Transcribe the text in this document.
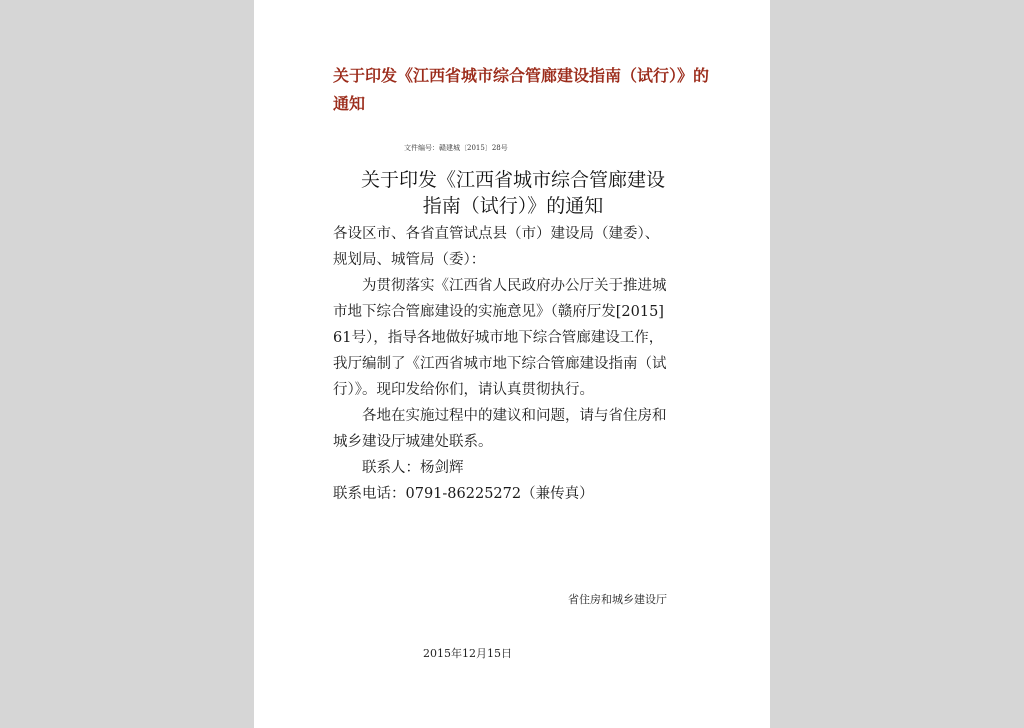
关于印发《江西省城市综合管廊建设指南（试行）》的通知
文件编号：赣建城〔2015〕28号
关于印发《江西省城市综合管廊建设
指南（试行）》的通知

各设区市、各省直管试点县（市）建设局（建委）、

规划局、城管局（委）：

为贯彻落实《江西省人民政府办公厅关于推进城

市地下综合管廊建设的实施意见》（赣府厅发[2015]

61号），指导各地做好城市地下综合管廊建设工作，

我厅编制了《江西省城市地下综合管廊建设指南（试

行）》。现印发给你们，请认真贯彻执行。

各地在实施过程中的建议和问题，请与省住房和

城乡建设厅城建处联系。

联系人：杨剑辉

联系电话：0791-86225272（兼传真）

省住房和城乡建设厅
2015年12月15日
